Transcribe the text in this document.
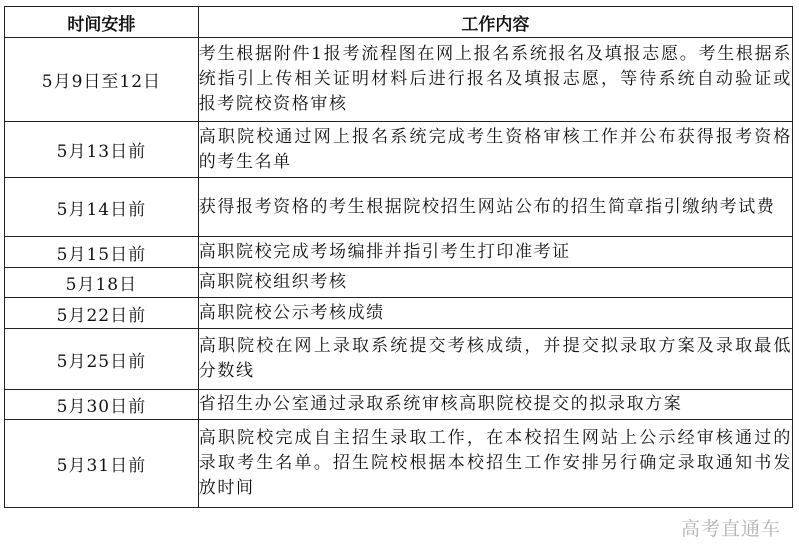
时间安排	工作内容
5月9日至12日	考生根据附件1报考流程图在网上报名系统报名及填报志愿。考生根据系统指引上传相关证明材料后进行报名及填报志愿，等待系统自动验证或报考院校资格审核
5月13日前	高职院校通过网上报名系统完成考生资格审核工作并公布获得报考资格的考生名单
5月14日前	获得报考资格的考生根据院校招生网站公布的招生简章指引缴纳考试费
5月15日前	高职院校完成考场编排并指引考生打印准考证
5月18日	高职院校组织考核
5月22日前	高职院校公示考核成绩
5月25日前	高职院校在网上录取系统提交考核成绩，并提交拟录取方案及录取最低分数线
5月30日前	省招生办公室通过录取系统审核高职院校提交的拟录取方案
5月31日前	高职院校完成自主招生录取工作，在本校招生网站上公示经审核通过的录取考生名单。招生院校根据本校招生工作安排另行确定录取通知书发放时间
高考直通车
